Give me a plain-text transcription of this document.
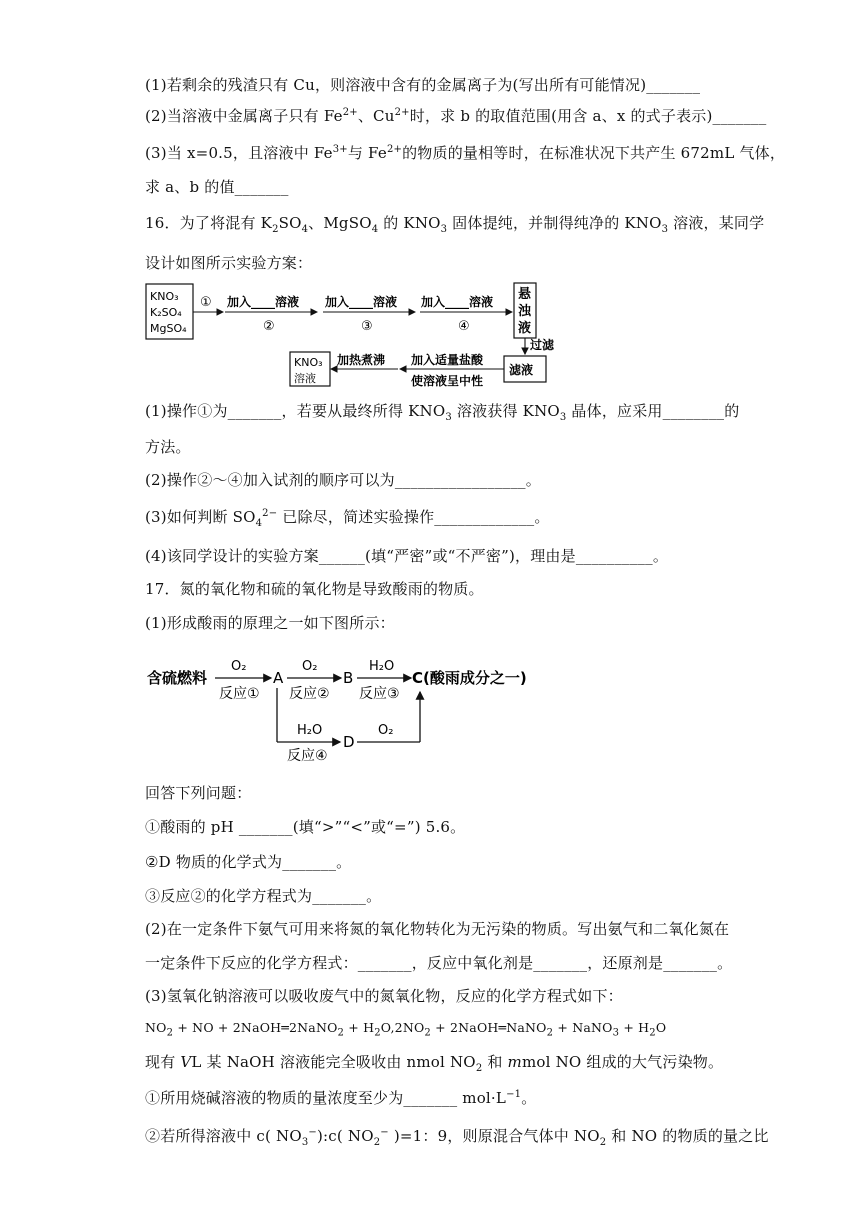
(1)若剩余的残渣只有 Cu，则溶液中含有的金属离子为(写出所有可能情况)_______
(2)当溶液中金属离子只有 $Fe^{2+}$、$Cu^{2+}$时，求 b 的取值范围(用含 a、x 的式子表示)_______
(3)当 x=0.5，且溶液中 $Fe^{3+}$与 $Fe^{2+}$的物质的量相等时，在标准状况下共产生 672mL 气体，
求 a、b 的值_______
16．为了将混有 $K_2SO_4$、MgSO$_4$ 的 $KNO_3$ 固体提纯，并制得纯净的 $KNO_3$ 溶液，某同学
设计如图所示实验方案：
KNO₃
K₂SO₄
MgSO₄
① 加入____溶液
②
加入____溶液
③
加入____溶液
④
悬
浊
液
过滤
滤液
加入适量盐酸
使溶液呈中性
加热煮沸
KNO₃
溶液
(1)操作①为_______，若要从最终所得 $KNO_3$ 溶液获得 $KNO_3$ 晶体，应采用________的
方法。
(2)操作②～④加入试剂的顺序可以为_________________。
(3)如何判断 $SO_4^{2-}$ 已除尽，简述实验操作_____________。
(4)该同学设计的实验方案______(填“严密”或“不严密”)，理由是__________。
17．氮的氧化物和硫的氧化物是导致酸雨的物质。
(1)形成酸雨的原理之一如下图所示：
含硫燃料
O₂
反应①
A
O₂
反应②
B
H₂O
反应③
C(酸雨成分之一)
H₂O
反应④
D
O₂
回答下列问题：
①酸雨的 pH _______(填“>”“<”或“=”) 5.6。
②D 物质的化学式为_______。
③反应②的化学方程式为_______。
(2)在一定条件下氨气可用来将氮的氧化物转化为无污染的物质。写出氨气和二氧化氮在
一定条件下反应的化学方程式：_______，反应中氧化剂是_______，还原剂是_______。
(3)氢氧化钠溶液可以吸收废气中的氮氧化物，反应的化学方程式如下：
$NO_2$ + NO + 2NaOH═2NaNO$_2$ + $H_2O,2NO_2$ + 2NaOH═NaNO$_2$ + NaNO$_3$ + $H_2O$
现有 VL 某 NaOH 溶液能完全吸收由 nmol $NO_2$ 和 mmol NO 组成的大气污染物。
①所用烧碱溶液的物质的量浓度至少为_______ $mol\cdot L^{-1}$。
②若所得溶液中 c( $NO_3^-):c$( $NO_2^-$ )=1：9，则原混合气体中 $NO_2$ 和 NO 的物质的量之比
